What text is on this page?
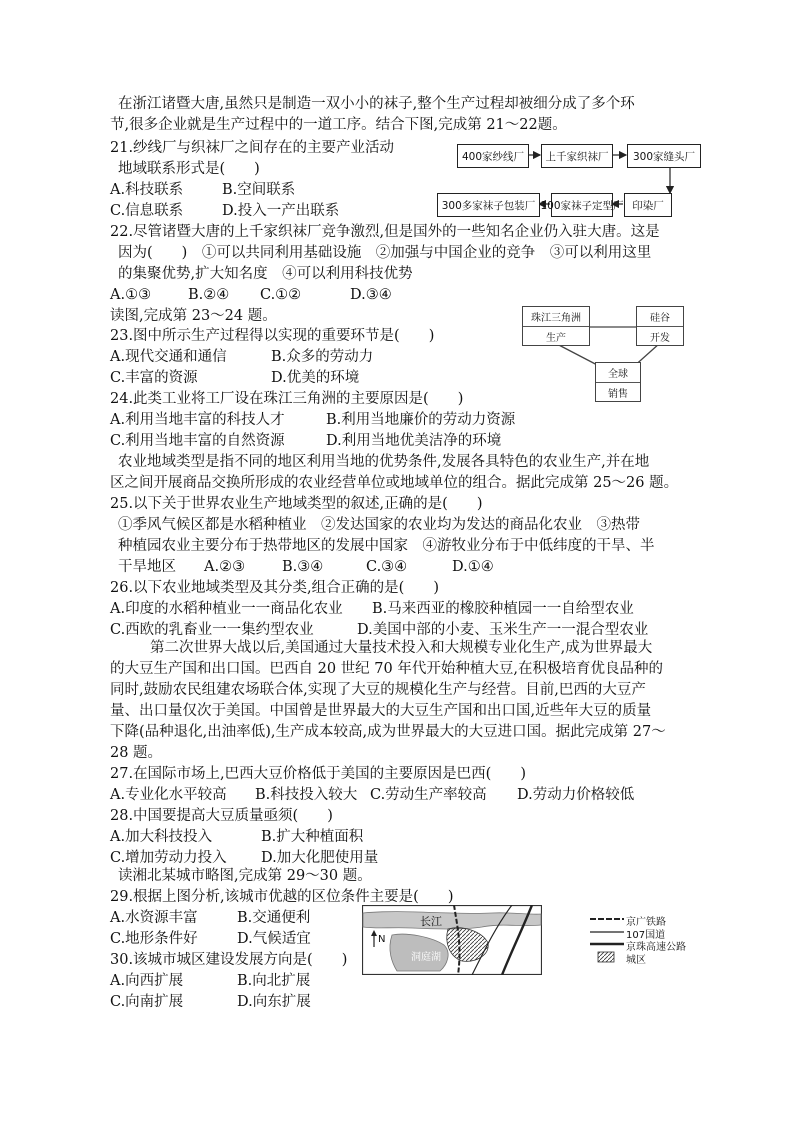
在浙江诸暨大唐,虽然只是制造一双小小的袜子,整个生产过程却被细分成了多个环
节,很多企业就是生产过程中的一道工序。结合下图,完成第 21～22题。
21.纱线厂与织袜厂之间存在的主要产业活动
地域联系形式是(　　)
A.科技联系	B.空间联系
C.信息联系	D.投入一产出联系
400家纱线厂	上千家织袜厂	300家缝头厂
印染厂
100家袜子定型厂
300多家袜子包装厂
22.尽管诸暨大唐的上千家织袜厂竞争激烈,但是国外的一些知名企业仍入驻大唐。这是
因为(　　)　①可以共同利用基础设施　②加强与中国企业的竞争　③可以利用这里
的集聚优势,扩大知名度　④可以利用科技优势
A.①③	B.②④ C.①②	D.③④
读图,完成第 23～24 题。	珠江三角洲
生产
硅谷
开发
全球
销售
23.图中所示生产过程得以实现的重要环节是(　　)
A.现代交通和通信	B.众多的劳动力
C.丰富的资源	D.优美的环境
24.此类工业将工厂设在珠江三角洲的主要原因是(　　)
A.利用当地丰富的科技人才	B.利用当地廉价的劳动力资源
C.利用当地丰富的自然资源	D.利用当地优美洁净的环境
农业地域类型是指不同的地区利用当地的优势条件,发展各具特色的农业生产,并在地
区之间开展商品交换所形成的农业经营单位或地域单位的组合。据此完成第 25～26 题。
25.以下关于世界农业生产地域类型的叙述,正确的是(　　)
①季风气候区都是水稻种植业　②发达国家的农业均为发达的商品化农业　③热带
种植园农业主要分布于热带地区的发展中国家　④游牧业分布于中低纬度的干旱、半
干旱地区 A.②③	B.③④	C.③④	D.①④
26.以下农业地域类型及其分类,组合正确的是(　　)
A.印度的水稻种植业一一商品化农业 B.马来西亚的橡胶种植园一一自给型农业
C.西欧的乳畜业一一集约型农业	D.美国中部的小麦、玉米生产一一混合型农业
第二次世界大战以后,美国通过大量技术投入和大规模专业化生产,成为世界最大
的大豆生产国和出口国。巴西自 20 世纪 70 年代开始种植大豆,在积极培育优良品种的
同时,鼓励农民组建农场联合体,实现了大豆的规模化生产与经营。目前,巴西的大豆产
量、出口量仅次于美国。中国曾是世界最大的大豆生产国和出口国,近些年大豆的质量
下降(品种退化,出油率低),生产成本较高,成为世界最大的大豆进口国。据此完成第 27～
28 题。
27.在国际市场上,巴西大豆价格低于美国的主要原因是巴西(　　)
A.专业化水平较高 B.科技投入较大 C.劳动生产率较高 D.劳动力价格较低
28.中国要提高大豆质量亟须(　　)
A.加大科技投入	B.扩大种植面积
C.增加劳动力投入 D.加大化肥使用量
读湘北某城市略图,完成第 29～30 题。
29.根据上图分析,该城市优越的区位条件主要是(　　)
A.水资源丰富	B.交通便利
C.地形条件好	D.气候适宜
30.该城市城区建设发展方向是(　　)
A.向西扩展	B.向北扩展
C.向南扩展	D.向东扩展
长江
洞庭湖
N
京广铁路
107国道
京珠高速公路
城区
